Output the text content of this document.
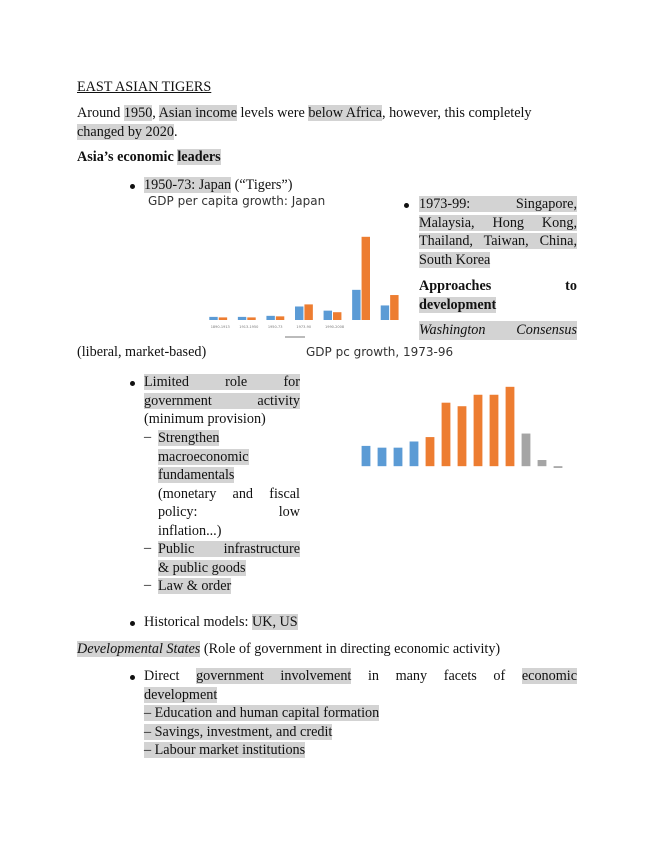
EAST ASIAN TIGERS
Around 1950, Asian income levels were below Africa, however, this completely
changed by 2020.
Asia’s economic leaders
1950-73: Japan (“Tigers”)
GDP per capita growth: Japan
1890-1913	1913-1950	1950-73	1973-90	1990-2008
1973-99: Singapore,
Malaysia, Hong Kong,
Thailand, Taiwan, China,
South Korea
Approaches to
development
Washington Consensus
(liberal, market-based)	GDP pc growth, 1973-96
Limited role for
government activity
(minimum provision)
– Strengthen
macroeconomic
fundamentals
(monetary and fiscal
policy: low
inflation...)
– Public infrastructure
& public goods
– Law & order
Historical models: UK, US
Developmental States (Role of government in directing economic activity)
Direct government involvement in many facets of economic
development
– Education and human capital formation
– Savings, investment, and credit
– Labour market institutions
